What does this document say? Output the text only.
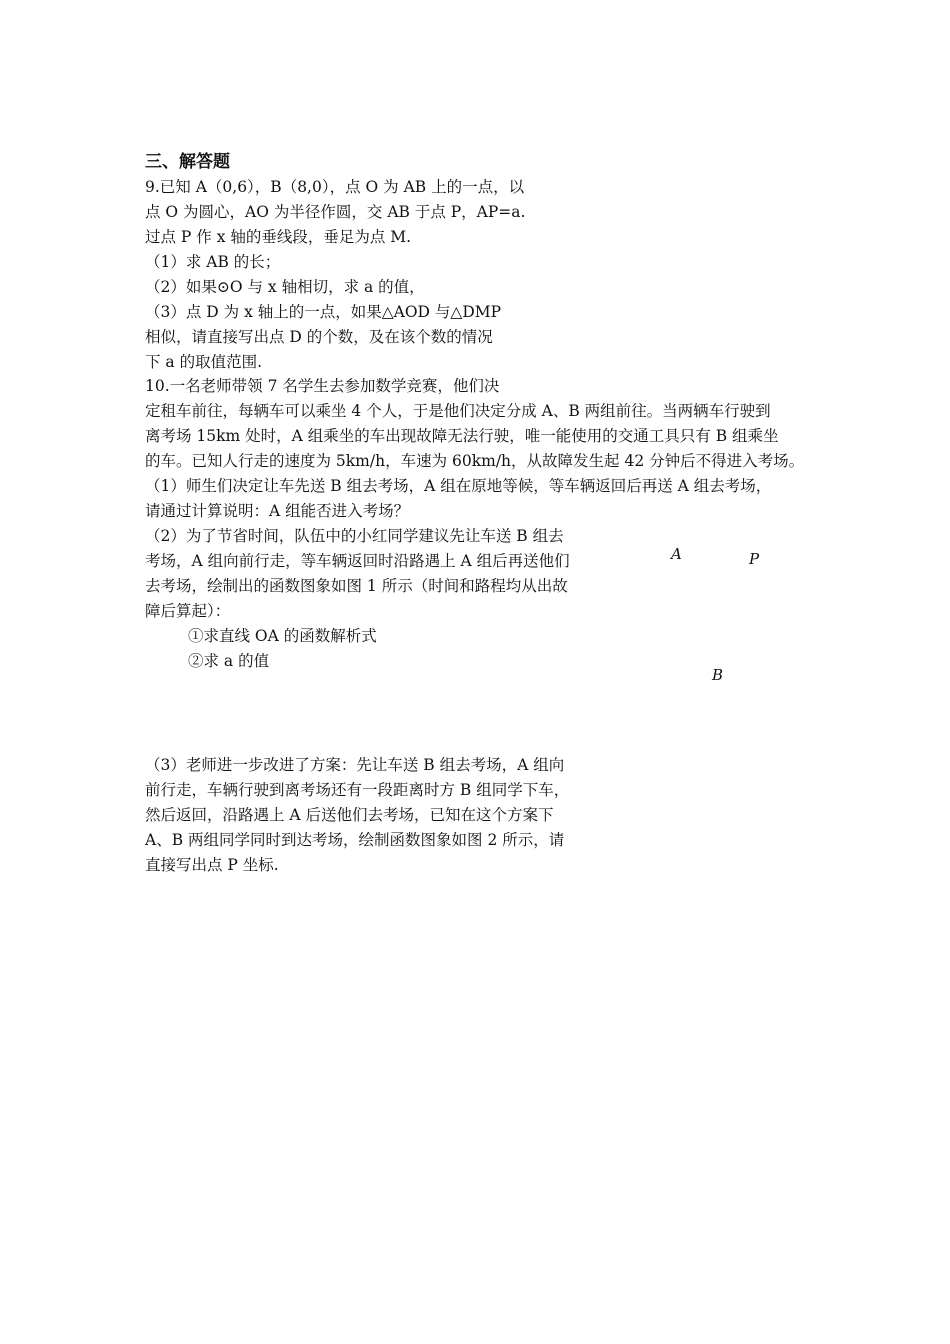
三、解答题
9.已知 A（0,6），B（8,0），点 O 为 AB 上的一点，以
点 O 为圆心，AO 为半径作圆，交 AB 于点 P，AP=a.
过点 P 作 x 轴的垂线段，垂足为点 M.
（1）求 AB 的长；
（2）如果⊙O 与 x 轴相切，求 a 的值，
（3）点 D 为 x 轴上的一点，如果△AOD 与△DMP
相似，请直接写出点 D 的个数，及在该个数的情况
下 a 的取值范围.
10.一名老师带领 7 名学生去参加数学竞赛，他们决
定租车前往，每辆车可以乘坐 4 个人，于是他们决定分成 A、B 两组前往。当两辆车行驶到
离考场 15km 处时，A 组乘坐的车出现故障无法行驶，唯一能使用的交通工具只有 B 组乘坐
的车。已知人行走的速度为 5km/h，车速为 60km/h，从故障发生起 42 分钟后不得进入考场。
（1）师生们决定让车先送 B 组去考场，A 组在原地等候，等车辆返回后再送 A 组去考场，
请通过计算说明：A 组能否进入考场？
（2）为了节省时间，队伍中的小红同学建议先让车送 B 组去
考场，A 组向前行走，等车辆返回时沿路遇上 A 组后再送他们
去考场，绘制出的函数图象如图 1 所示（时间和路程均从出故
障后算起）：
①求直线 OA 的函数解析式
②求 a 的值
（3）老师进一步改进了方案：先让车送 B 组去考场，A 组向
前行走，车辆行驶到离考场还有一段距离时方 B 组同学下车，
然后返回，沿路遇上 A 后送他们去考场，已知在这个方案下
A、B 两组同学同时到达考场，绘制函数图象如图 2 所示，请
直接写出点 P 坐标.
A	P
B
